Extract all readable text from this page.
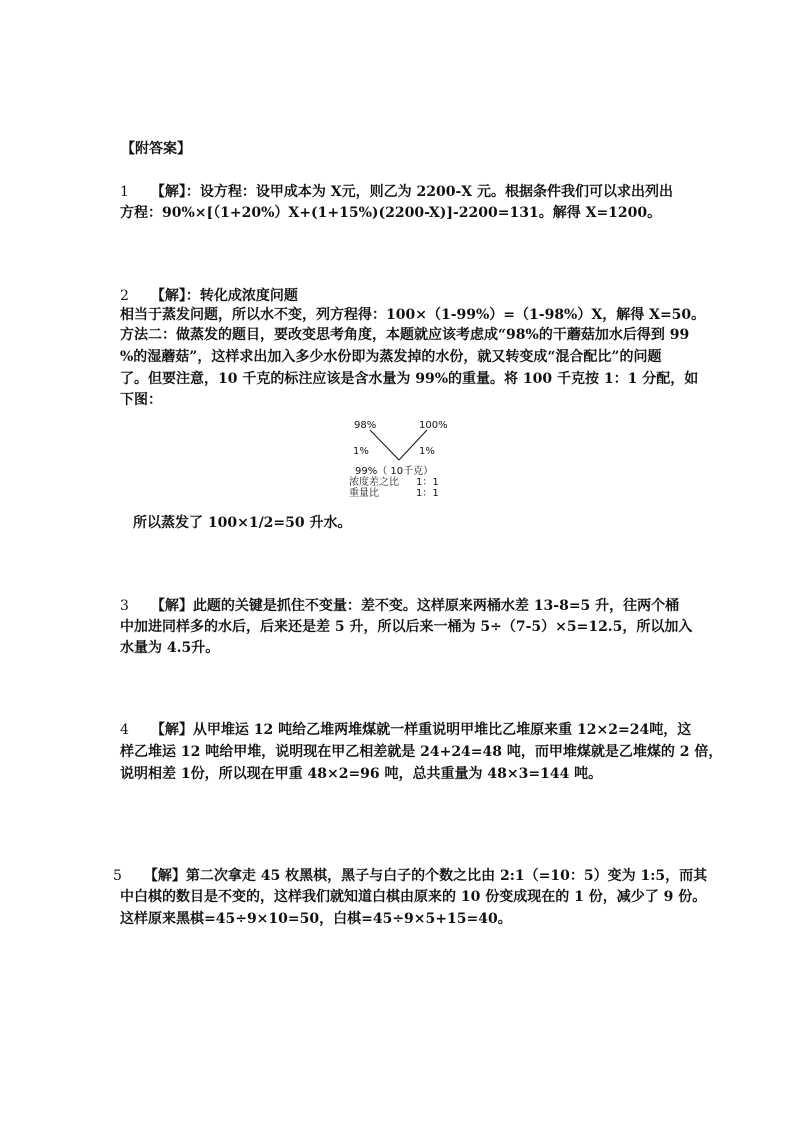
【附答案】
1 【解】：设方程：设甲成本为 X元，则乙为 2200-X 元。根据条件我们可以求出列出
方程：90%×[（1+20%）X+(1+15%)(2200-X)]-2200=131。解得 X=1200。
2 【解】：转化成浓度问题
相当于蒸发问题，所以水不变，列方程得：100×（1-99%）=（1-98%）X，解得 X=50。
方法二：做蒸发的题目，要改变思考角度，本题就应该考虑成“98%的干蘑菇加水后得到 99
%的湿蘑菇”，这样求出加入多少水份即为蒸发掉的水份，就又转变成“混合配比”的问题
了。但要注意，10 千克的标注应该是含水量为 99%的重量。将 100 千克按 1：1 分配，如
下图：
98%	100%
1%	1%
99%（ 10千克）
浓度差之比 1：1
重量比	1：1
所以蒸发了 100×1/2=50 升水。
3 【解】此题的关键是抓住不变量：差不变。这样原来两桶水差 13-8=5 升，往两个桶
中加进同样多的水后，后来还是差 5 升，所以后来一桶为 5÷（7-5）×5=12.5，所以加入
水量为 4.5升。
4 【解】从甲堆运 12 吨给乙堆两堆煤就一样重说明甲堆比乙堆原来重 12×2=24吨，这
样乙堆运 12 吨给甲堆，说明现在甲乙相差就是 24+24=48 吨，而甲堆煤就是乙堆煤的 2 倍，
说明相差 1份，所以现在甲重 48×2=96 吨，总共重量为 48×3=144 吨。
5 【解】第二次拿走 45 枚黑棋，黑子与白子的个数之比由 2:1（=10：5）变为 1:5，而其
中白棋的数目是不变的，这样我们就知道白棋由原来的 10 份变成现在的 1 份，减少了 9 份。
这样原来黑棋=45÷9×10=50，白棋=45÷9×5+15=40。
